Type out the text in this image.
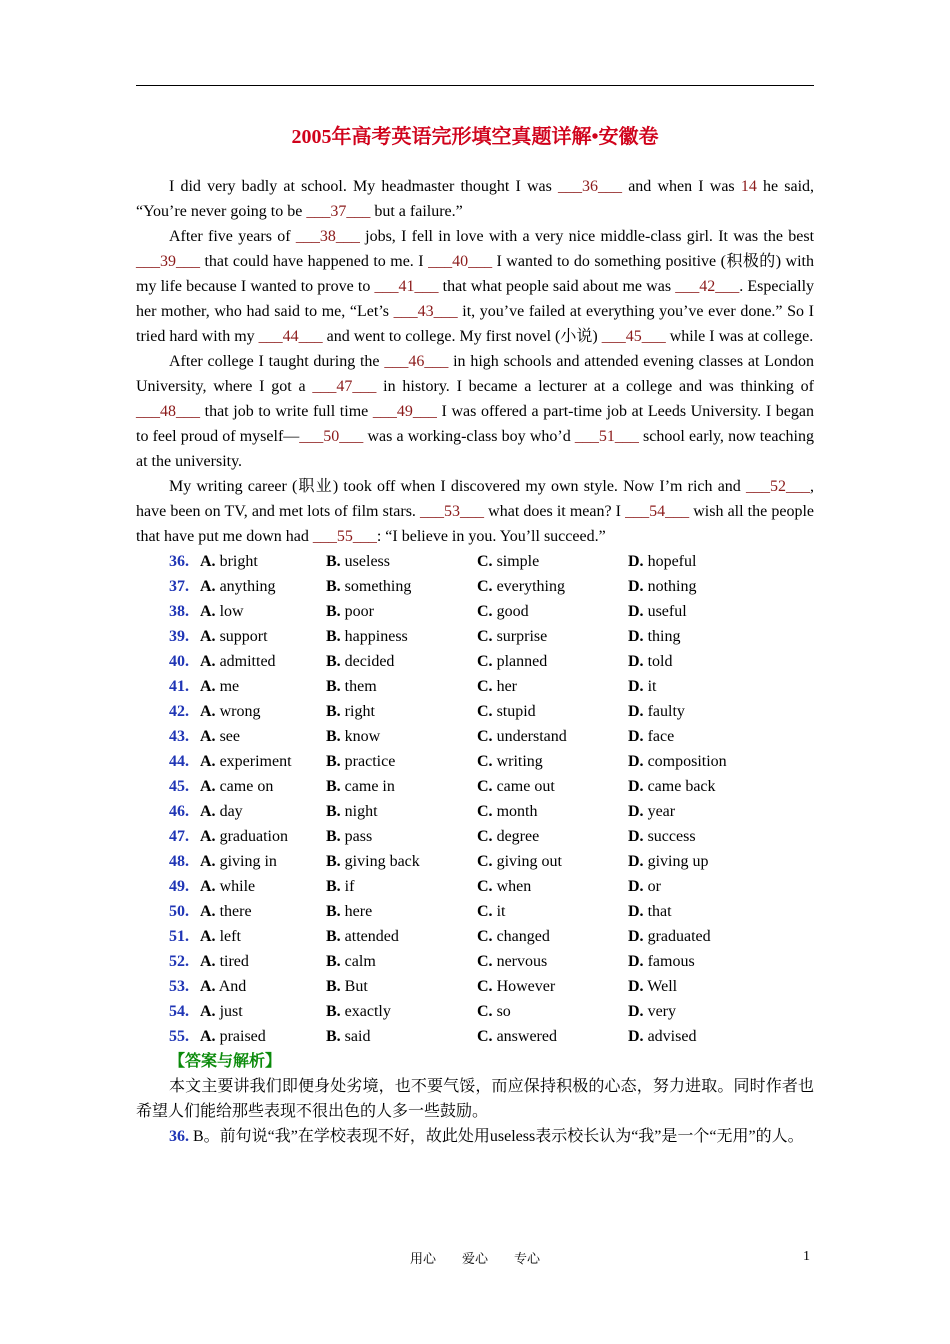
2005年高考英语完形填空真题详解•安徽卷

I did very badly at school. My headmaster thought I was ___36___ and when I was 14 he said, “You’re never going to be ___37___ but a failure.”

After five years of ___38___ jobs, I fell in love with a very nice middle-class girl. It was the best ___39___ that could have happened to me. I ___40___ I wanted to do something positive (积极的) with my life because I wanted to prove to ___41___ that what people said about me was ___42___. Especially her mother, who had said to me, “Let’s ___43___ it, you’ve failed at everything you’ve ever done.” So I tried hard with my ___44___ and went to college. My first novel (小说) ___45___ while I was at college.

After college I taught during the ___46___ in high schools and attended evening classes at London University, where I got a ___47___ in history. I became a lecturer at a college and was thinking of ___48___ that job to write full time ___49___ I was offered a part-time job at Leeds University. I began to feel proud of myself—___50___ was a working-class boy who’d ___51___ school early, now teaching at the university.

My writing career (职业) took off when I discovered my own style. Now I’m rich and ___52___, have been on TV, and met lots of film stars. ___53___ what does it mean? I ___54___ wish all the people that have put me down had ___55___: “I believe in you. You’ll succeed.”

36. A. bright	B. useless	C. simple	D. hopeful
37. A. anything	B. something	C. everything	D. nothing
38. A. low	B. poor	C. good	D. useful
39. A. support	B. happiness	C. surprise	D. thing
40. A. admitted	B. decided	C. planned	D. told
41. A. me	B. them	C. her	D. it
42. A. wrong	B. right	C. stupid	D. faulty
43. A. see	B. know	C. understand	D. face
44. A. experiment	B. practice	C. writing	D. composition
45. A. came on	B. came in	C. came out	D. came back
46. A. day	B. night	C. month	D. year
47. A. graduation	B. pass	C. degree	D. success
48. A. giving in	B. giving back	C. giving out	D. giving up
49. A. while	B. if	C. when	D. or
50. A. there	B. here	C. it	D. that
51. A. left	B. attended	C. changed	D. graduated
52. A. tired	B. calm	C. nervous	D. famous
53. A. And	B. But	C. However	D. Well
54. A. just	B. exactly	C. so	D. very
55. A. praised	B. said	C. answered	D. advised
【答案与解析】

本文主要讲我们即便身处劣境，也不要气馁，而应保持积极的心态，努力进取。同时作者也希望人们能给那些表现不很出色的人多一些鼓励。

36. B。前句说“我”在学校表现不好，故此处用useless表示校长认为“我”是一个“无用”的人。

用心　　爱心　　专心	1
